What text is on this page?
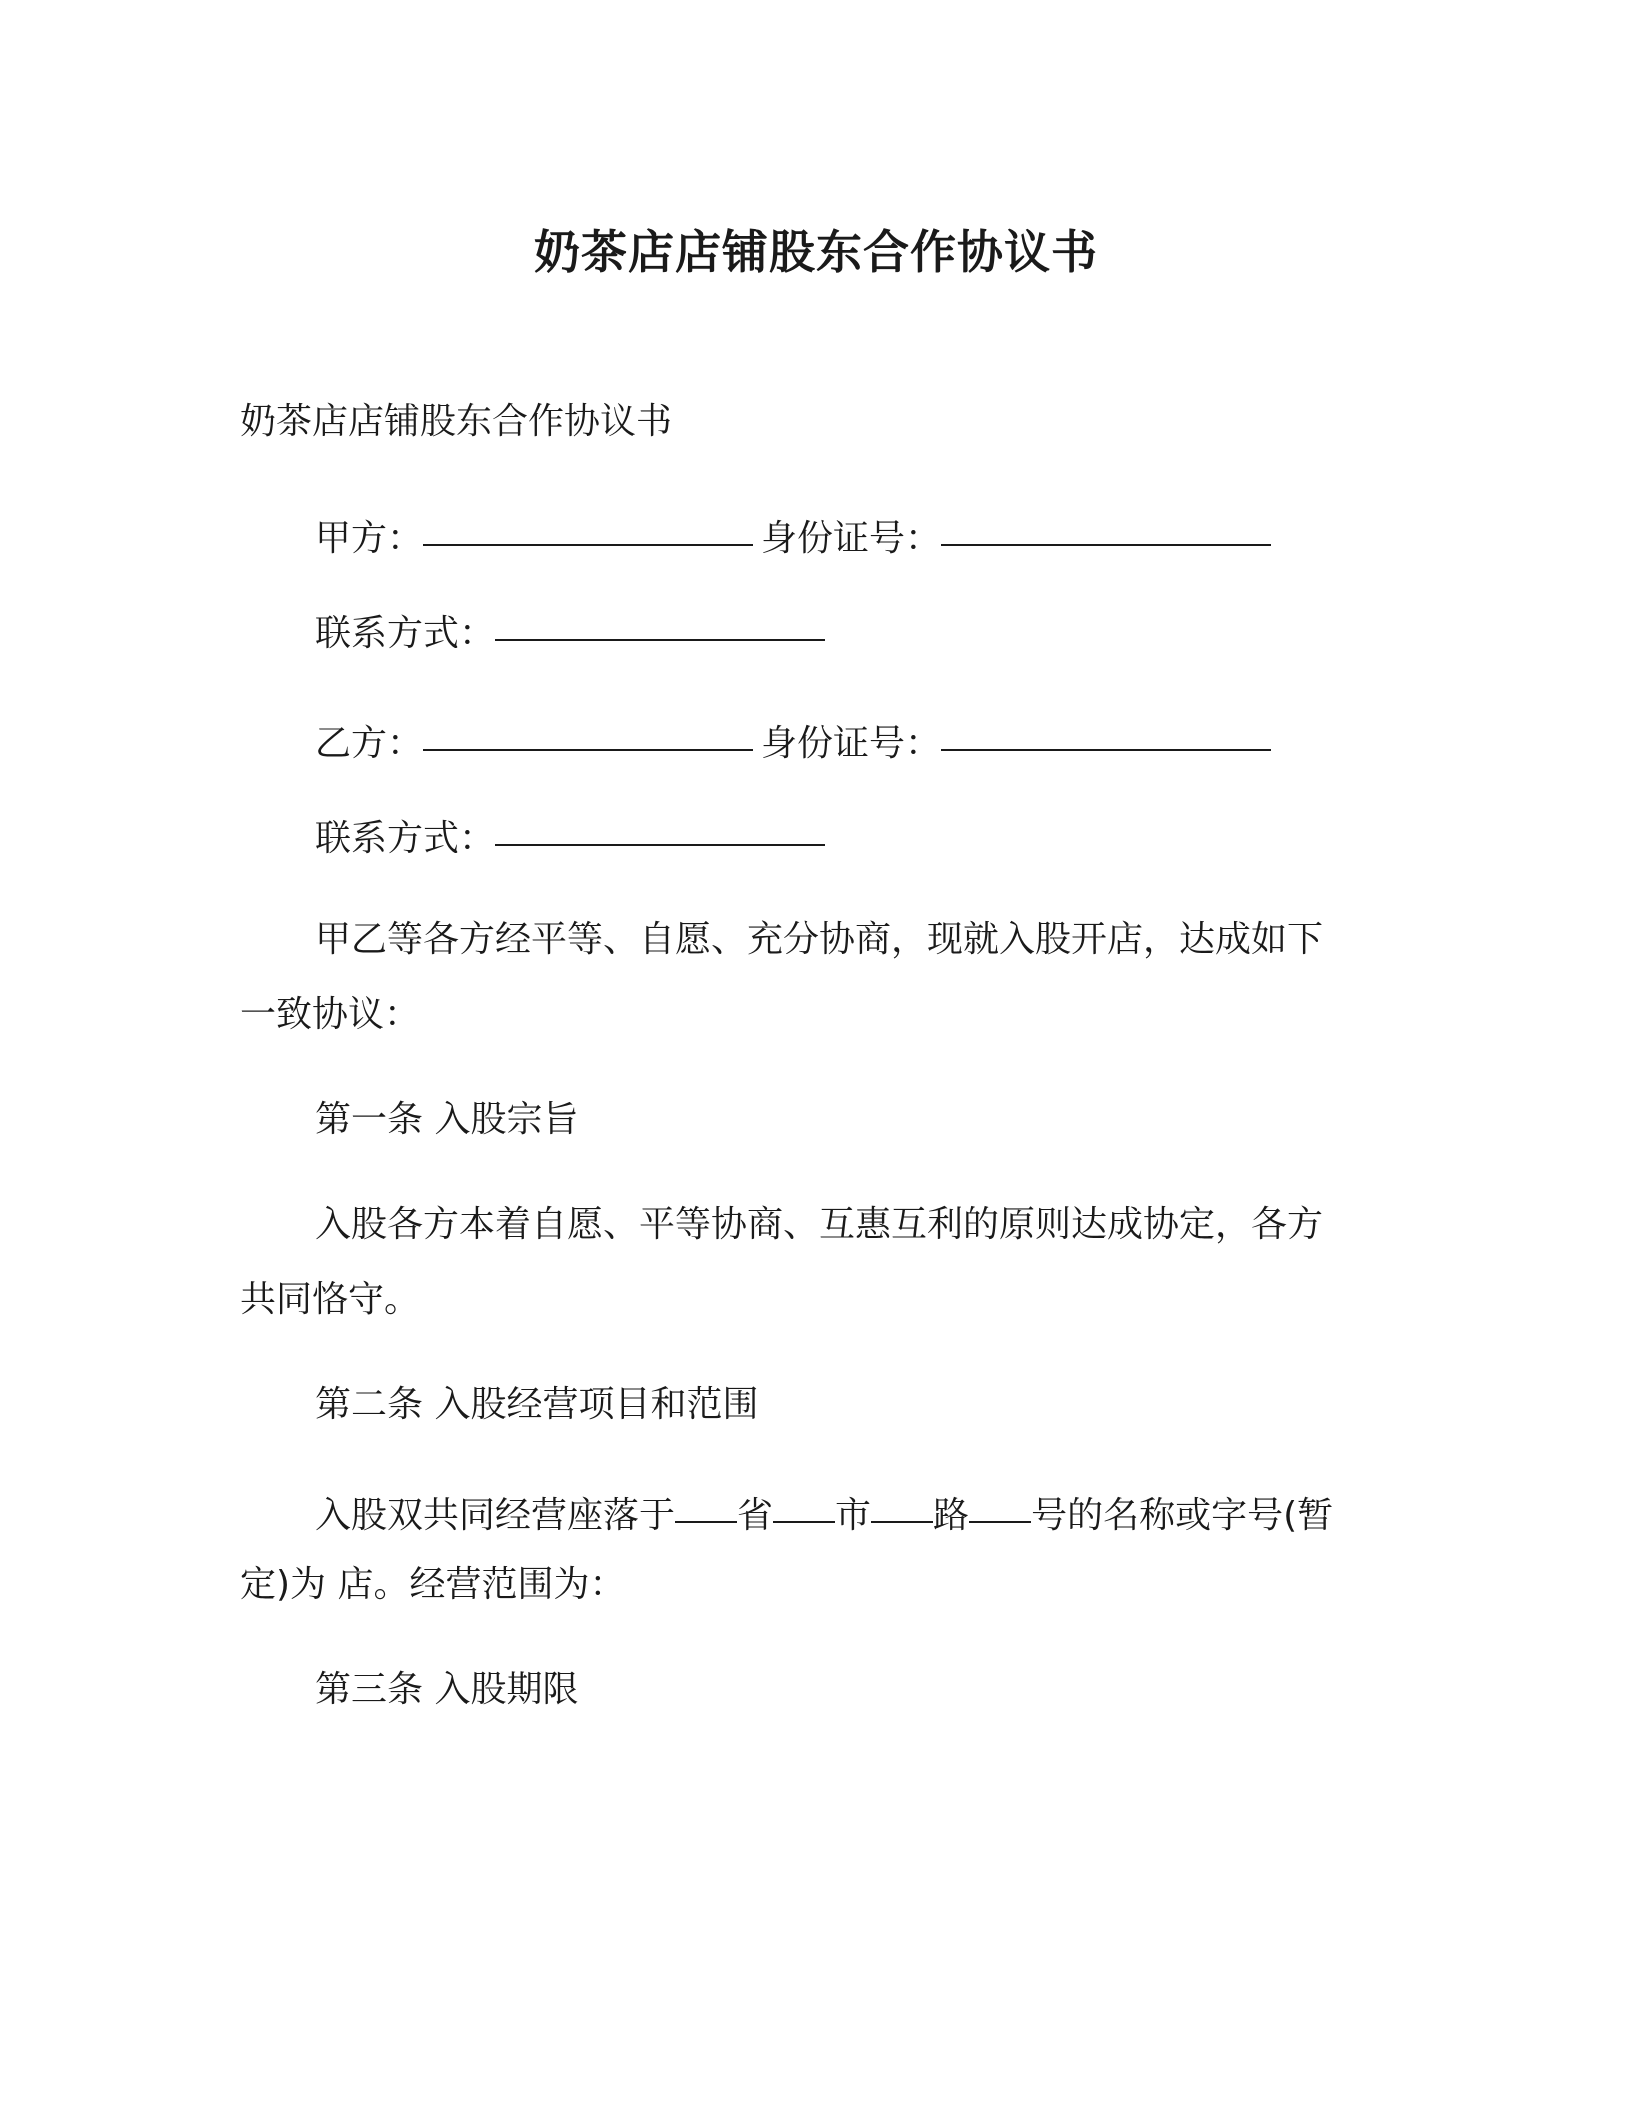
奶茶店店铺股东合作协议书
奶茶店店铺股东合作协议书
甲方：	身份证号：
联系方式：
乙方：	身份证号：
联系方式：
甲乙等各方经平等、自愿、充分协商，现就入股开店，达成如下
一致协议：
第一条 入股宗旨
入股各方本着自愿、平等协商、互惠互利的原则达成协定，各方
共同恪守。
第二条 入股经营项目和范围
入股双共同经营座落于 省 市 路 号的名称或字号(暂
定)为 店。经营范围为：
第三条 入股期限
